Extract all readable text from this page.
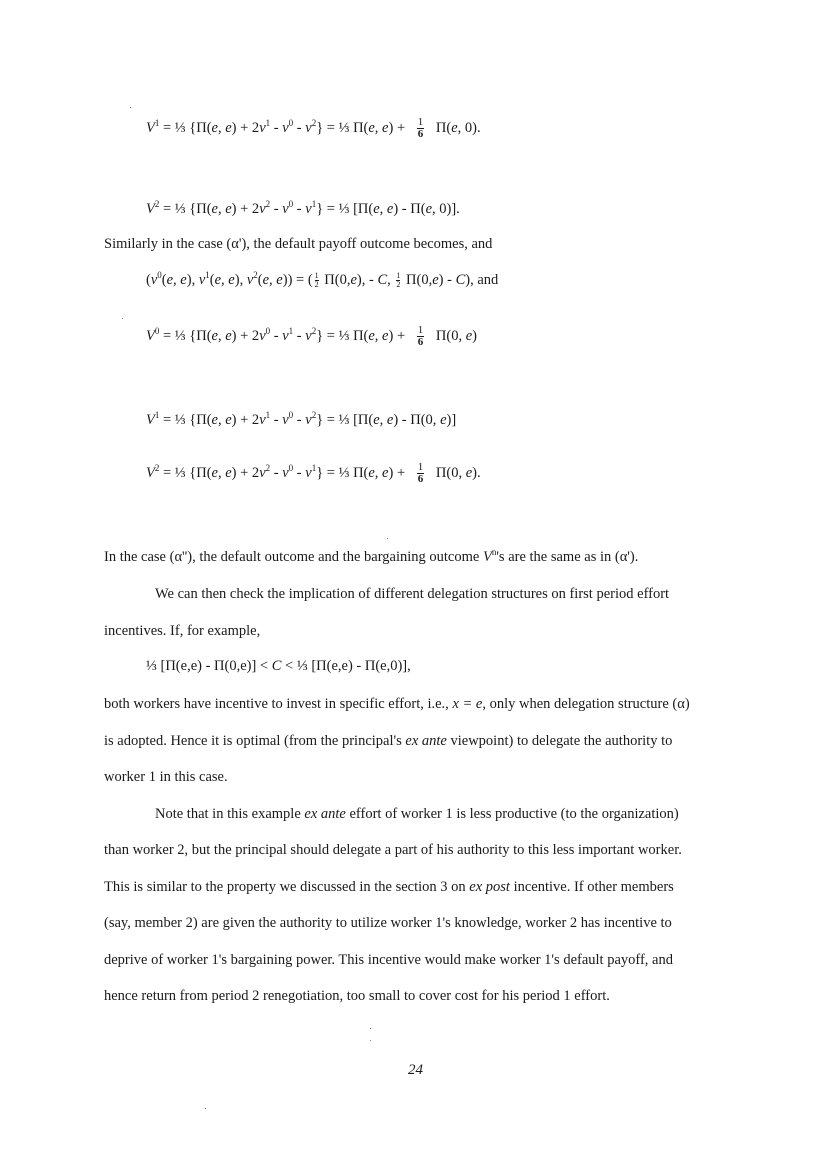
$V^1$ = ⅓ {Π(e, $e) + 2v^1 - v^0 - v^2$} = ⅓ Π(e, $e) + \frac{1}{6} \Pi(e$, 0).
$V^2$ = ⅓ {Π(e, $e) + 2v^2 - v^0 - v^1$} = ⅓ [Π(e, e) - Π(e, 0)].
Similarly in the case (α'), the default payoff outcome becomes, and
($v^0(e$, e), $v^1(e$, e), $v^2(e$, e)) = ( $\frac{1}{2} \Pi(0,e)$, - C, $\frac{1}{2} \Pi(0,e) - C$), and
$V^0$ = ⅓ {Π(e, $e) + 2v^0 - v^1 - v^2$} = ⅓ Π(e, $e) + \frac{1}{6} \Pi(0$, e)
$V^1$ = ⅓ {Π(e, $e) + 2v^1 - v^0 - v^2$} = ⅓ [Π(e, e) - Π(0, e)]
$V^2$ = ⅓ {Π(e, $e) + 2v^2 - v^0 - v^1$} = ⅓ Π(e, $e) + \frac{1}{6} \Pi(0$, e).
In the case (α''), the default outcome and the bargaining outcome $V^n's$ are the same as in (α').
We can then check the implication of different delegation structures on first period effort
incentives. If, for example,
⅓ [Π(e,e) - Π(0,e)] < C < ⅓ [Π(e,e) - Π(e,0)],
both workers have incentive to invest in specific effort, i.e., x = e, only when delegation structure (α)
is adopted. Hence it is optimal (from the principal's ex ante viewpoint) to delegate the authority to
worker 1 in this case.
Note that in this example ex ante effort of worker 1 is less productive (to the organization)
than worker 2, but the principal should delegate a part of his authority to this less important worker.
This is similar to the property we discussed in the section 3 on ex post incentive. If other members
(say, member 2) are given the authority to utilize worker 1's knowledge, worker 2 has incentive to
deprive of worker 1's bargaining power. This incentive would make worker 1's default payoff, and
hence return from period 2 renegotiation, too small to cover cost for his period 1 effort.
24
